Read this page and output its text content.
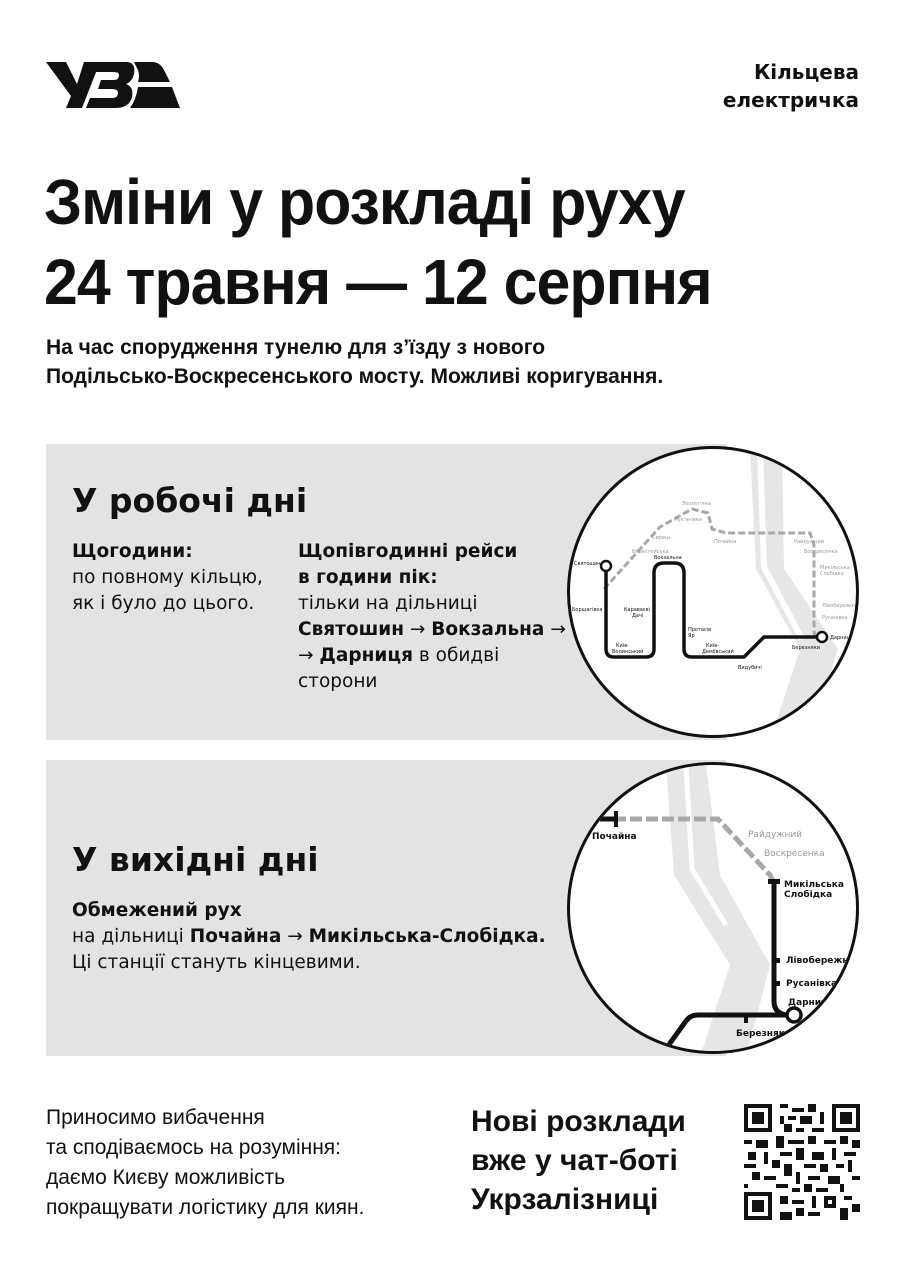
Кільцева
електричка
Зміни у розкладі руху
24 травня — 12 серпня
На час спорудження тунелю для з’їзду з нового
Подільсько-Воскресенського мосту. Можливі коригування.
У робочі дні
Щогодини:
по повному кільцю,
як і було до цього.
Щопівгодинні рейси
в години пік:
тільки на дільниці
Святошин → Вокзальна →
→ Дарниця в обидві
сторони
Святошин
Борщагівка	Караваєві
Дачі
Вокзальна
Київ-
Волинський
Протасів
Яр
Київ-
Деміївський
Видубичі
Березняки
Дарниця
Берестейська
Сирець
Зоологічна
Лук'янівка
Почайна	Райдужний
Воскресенка
Микільська
Слобідка
Лівобережна
Русанівка
У вихідні дні
Обмежений рух
на дільниці Почайна → Микільська-Слобідка.
Ці станції стануть кінцевими.
Почайна
Микільська
Слобідка
Лівобережна
Русанівка
Дарниця
Березняки
Райдужний
Воскресенка
Приносимо вибачення
та сподіваємось на розуміння:
даємо Києву можливість
покращувати логістику для киян.
Нові розклади
вже у чат-боті
Укрзалізниці
